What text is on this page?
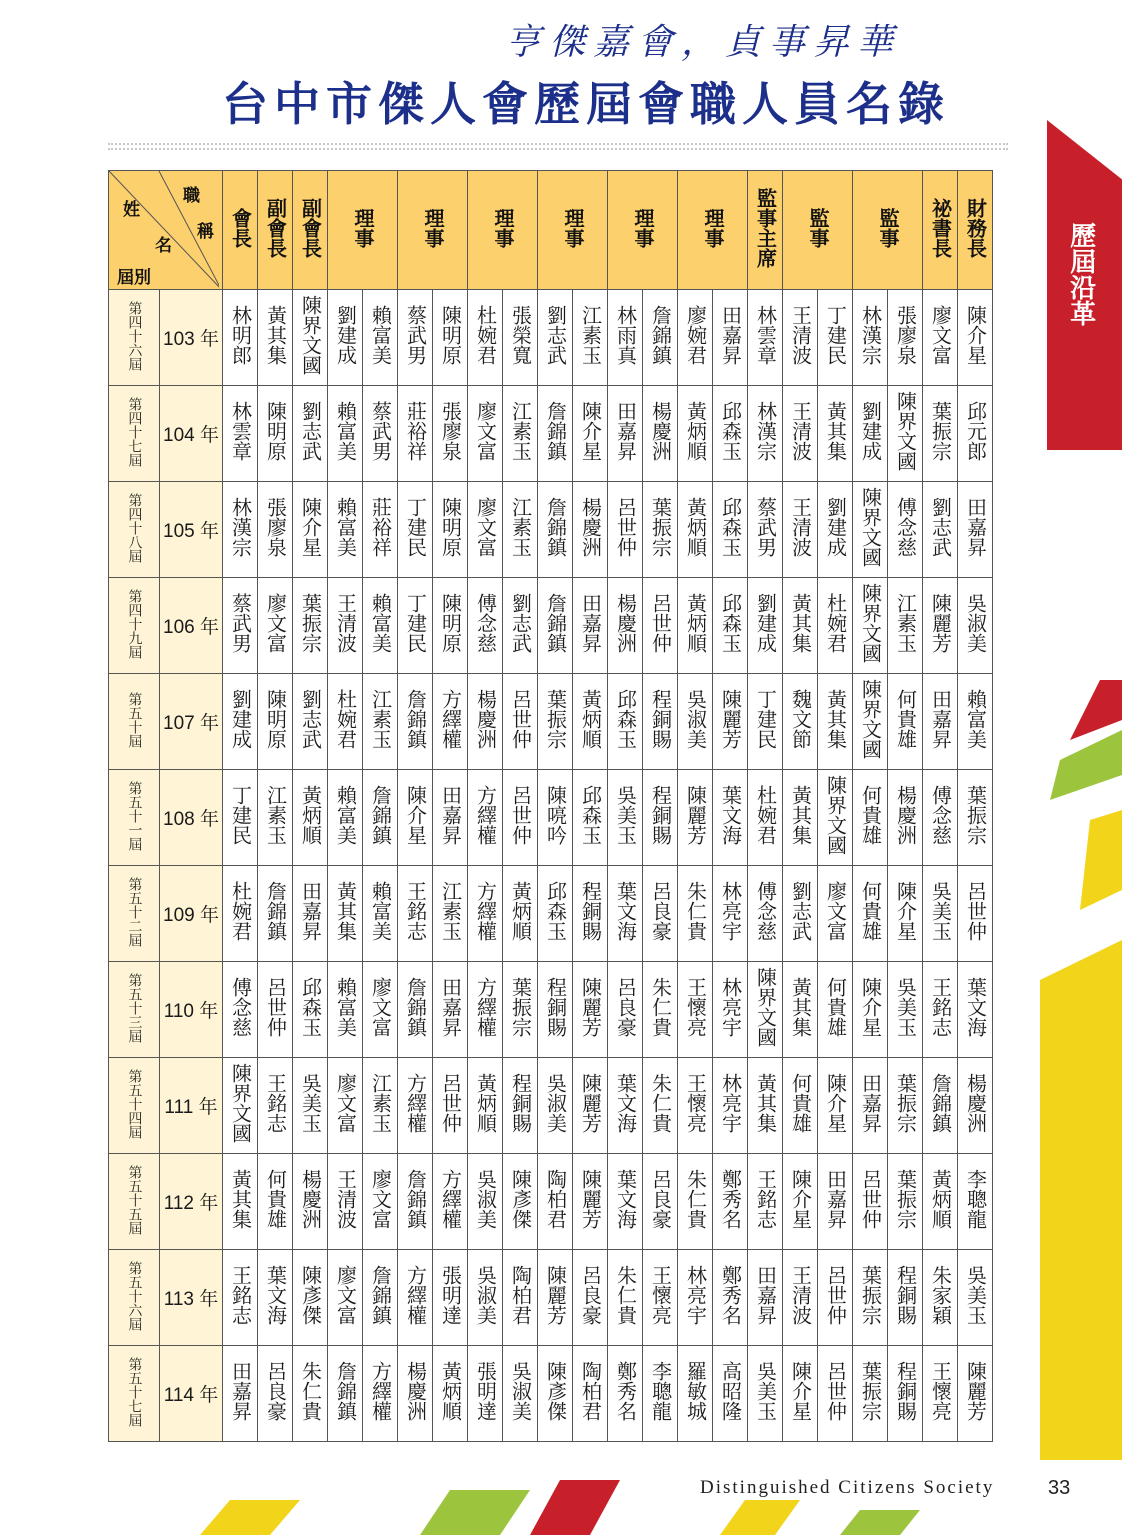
亨傑嘉會，貞事昇華
台中市傑人會歷屆會職人員名錄
歷屆沿革
姓
名
職
稱
屆別		會長	副會長	副會長	理事		理事		理事		理事		理事		理事		監事主席	監事		監事		祕書長	財務長
第四十六屆	103 年	林明郎	黃其集	陳界文國	劉建成	賴富美	蔡武男	陳明原	杜婉君	張榮寬	劉志武	江素玉	林雨真	詹錦鎮	廖婉君	田嘉昇	林雲章	王清波	丁建民	林漢宗	張廖泉	廖文富	陳介星
第四十七屆	104 年	林雲章	陳明原	劉志武	賴富美	蔡武男	莊裕祥	張廖泉	廖文富	江素玉	詹錦鎮	陳介星	田嘉昇	楊慶洲	黃炳順	邱森玉	林漢宗	王清波	黃其集	劉建成	陳界文國	葉振宗	邱元郎
第四十八屆	105 年	林漢宗	張廖泉	陳介星	賴富美	莊裕祥	丁建民	陳明原	廖文富	江素玉	詹錦鎮	楊慶洲	呂世仲	葉振宗	黃炳順	邱森玉	蔡武男	王清波	劉建成	陳界文國	傅念慈	劉志武	田嘉昇
第四十九屆	106 年	蔡武男	廖文富	葉振宗	王清波	賴富美	丁建民	陳明原	傅念慈	劉志武	詹錦鎮	田嘉昇	楊慶洲	呂世仲	黃炳順	邱森玉	劉建成	黃其集	杜婉君	陳界文國	江素玉	陳麗芳	吳淑美
第五十屆	107 年	劉建成	陳明原	劉志武	杜婉君	江素玉	詹錦鎮	方繹權	楊慶洲	呂世仲	葉振宗	黃炳順	邱森玉	程銅賜	吳淑美	陳麗芳	丁建民	魏文節	黃其集	陳界文國	何貴雄	田嘉昇	賴富美
第五十一屆	108 年	丁建民	江素玉	黃炳順	賴富美	詹錦鎮	陳介星	田嘉昇	方繹權	呂世仲	陳喨吟	邱森玉	吳美玉	程銅賜	陳麗芳	葉文海	杜婉君	黃其集	陳界文國	何貴雄	楊慶洲	傅念慈	葉振宗
第五十二屆	109 年	杜婉君	詹錦鎮	田嘉昇	黃其集	賴富美	王銘志	江素玉	方繹權	黃炳順	邱森玉	程銅賜	葉文海	呂良豪	朱仁貴	林亮宇	傅念慈	劉志武	廖文富	何貴雄	陳介星	吳美玉	呂世仲
第五十三屆	110 年	傅念慈	呂世仲	邱森玉	賴富美	廖文富	詹錦鎮	田嘉昇	方繹權	葉振宗	程銅賜	陳麗芳	呂良豪	朱仁貴	王懷亮	林亮宇	陳界文國	黃其集	何貴雄	陳介星	吳美玉	王銘志	葉文海
第五十四屆	111 年	陳界文國	王銘志	吳美玉	廖文富	江素玉	方繹權	呂世仲	黃炳順	程銅賜	吳淑美	陳麗芳	葉文海	朱仁貴	王懷亮	林亮宇	黃其集	何貴雄	陳介星	田嘉昇	葉振宗	詹錦鎮	楊慶洲
第五十五屆	112 年	黃其集	何貴雄	楊慶洲	王清波	廖文富	詹錦鎮	方繹權	吳淑美	陳彥傑	陶柏君	陳麗芳	葉文海	呂良豪	朱仁貴	鄭秀名	王銘志	陳介星	田嘉昇	呂世仲	葉振宗	黃炳順	李聰龍
第五十六屆	113 年	王銘志	葉文海	陳彥傑	廖文富	詹錦鎮	方繹權	張明達	吳淑美	陶柏君	陳麗芳	呂良豪	朱仁貴	王懷亮	林亮宇	鄭秀名	田嘉昇	王清波	呂世仲	葉振宗	程銅賜	朱家穎	吳美玉
第五十七屆	114 年	田嘉昇	呂良豪	朱仁貴	詹錦鎮	方繹權	楊慶洲	黃炳順	張明達	吳淑美	陳彥傑	陶柏君	鄭秀名	李聰龍	羅敏城	高昭隆	吳美玉	陳介星	呂世仲	葉振宗	程銅賜	王懷亮	陳麗芳
Distinguished Citizens Society	33
